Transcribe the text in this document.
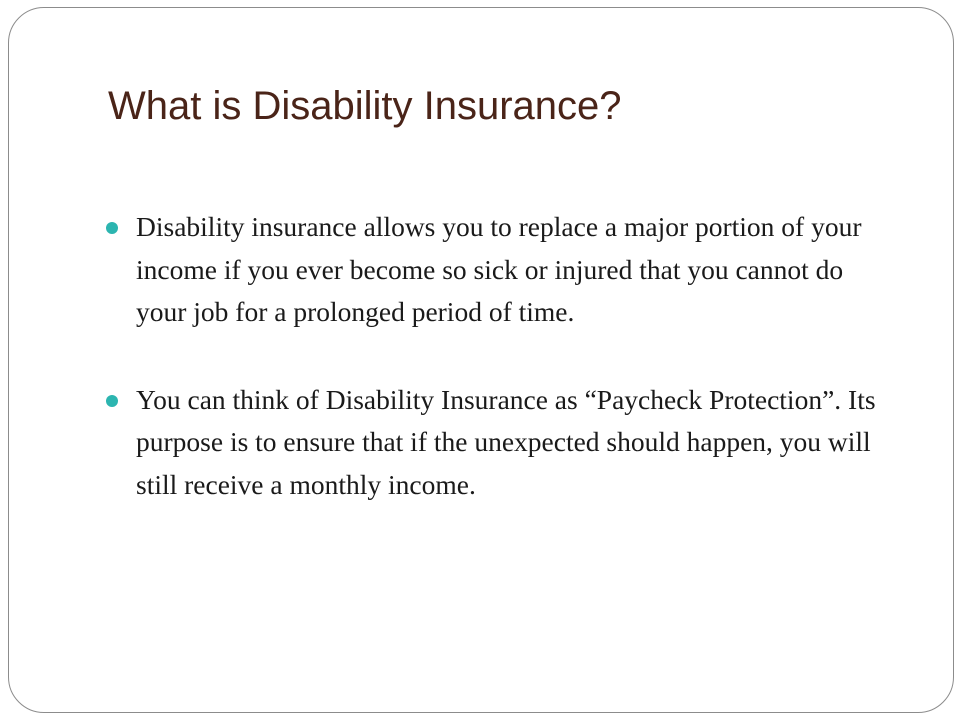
What is Disability Insurance?
Disability insurance allows you to replace a major portion of your income if you ever become so sick or injured that you cannot do your job for a prolonged period of time.
You can think of Disability Insurance as “Paycheck Protection”. Its purpose is to ensure that if the unexpected should happen, you will still receive a monthly income.
